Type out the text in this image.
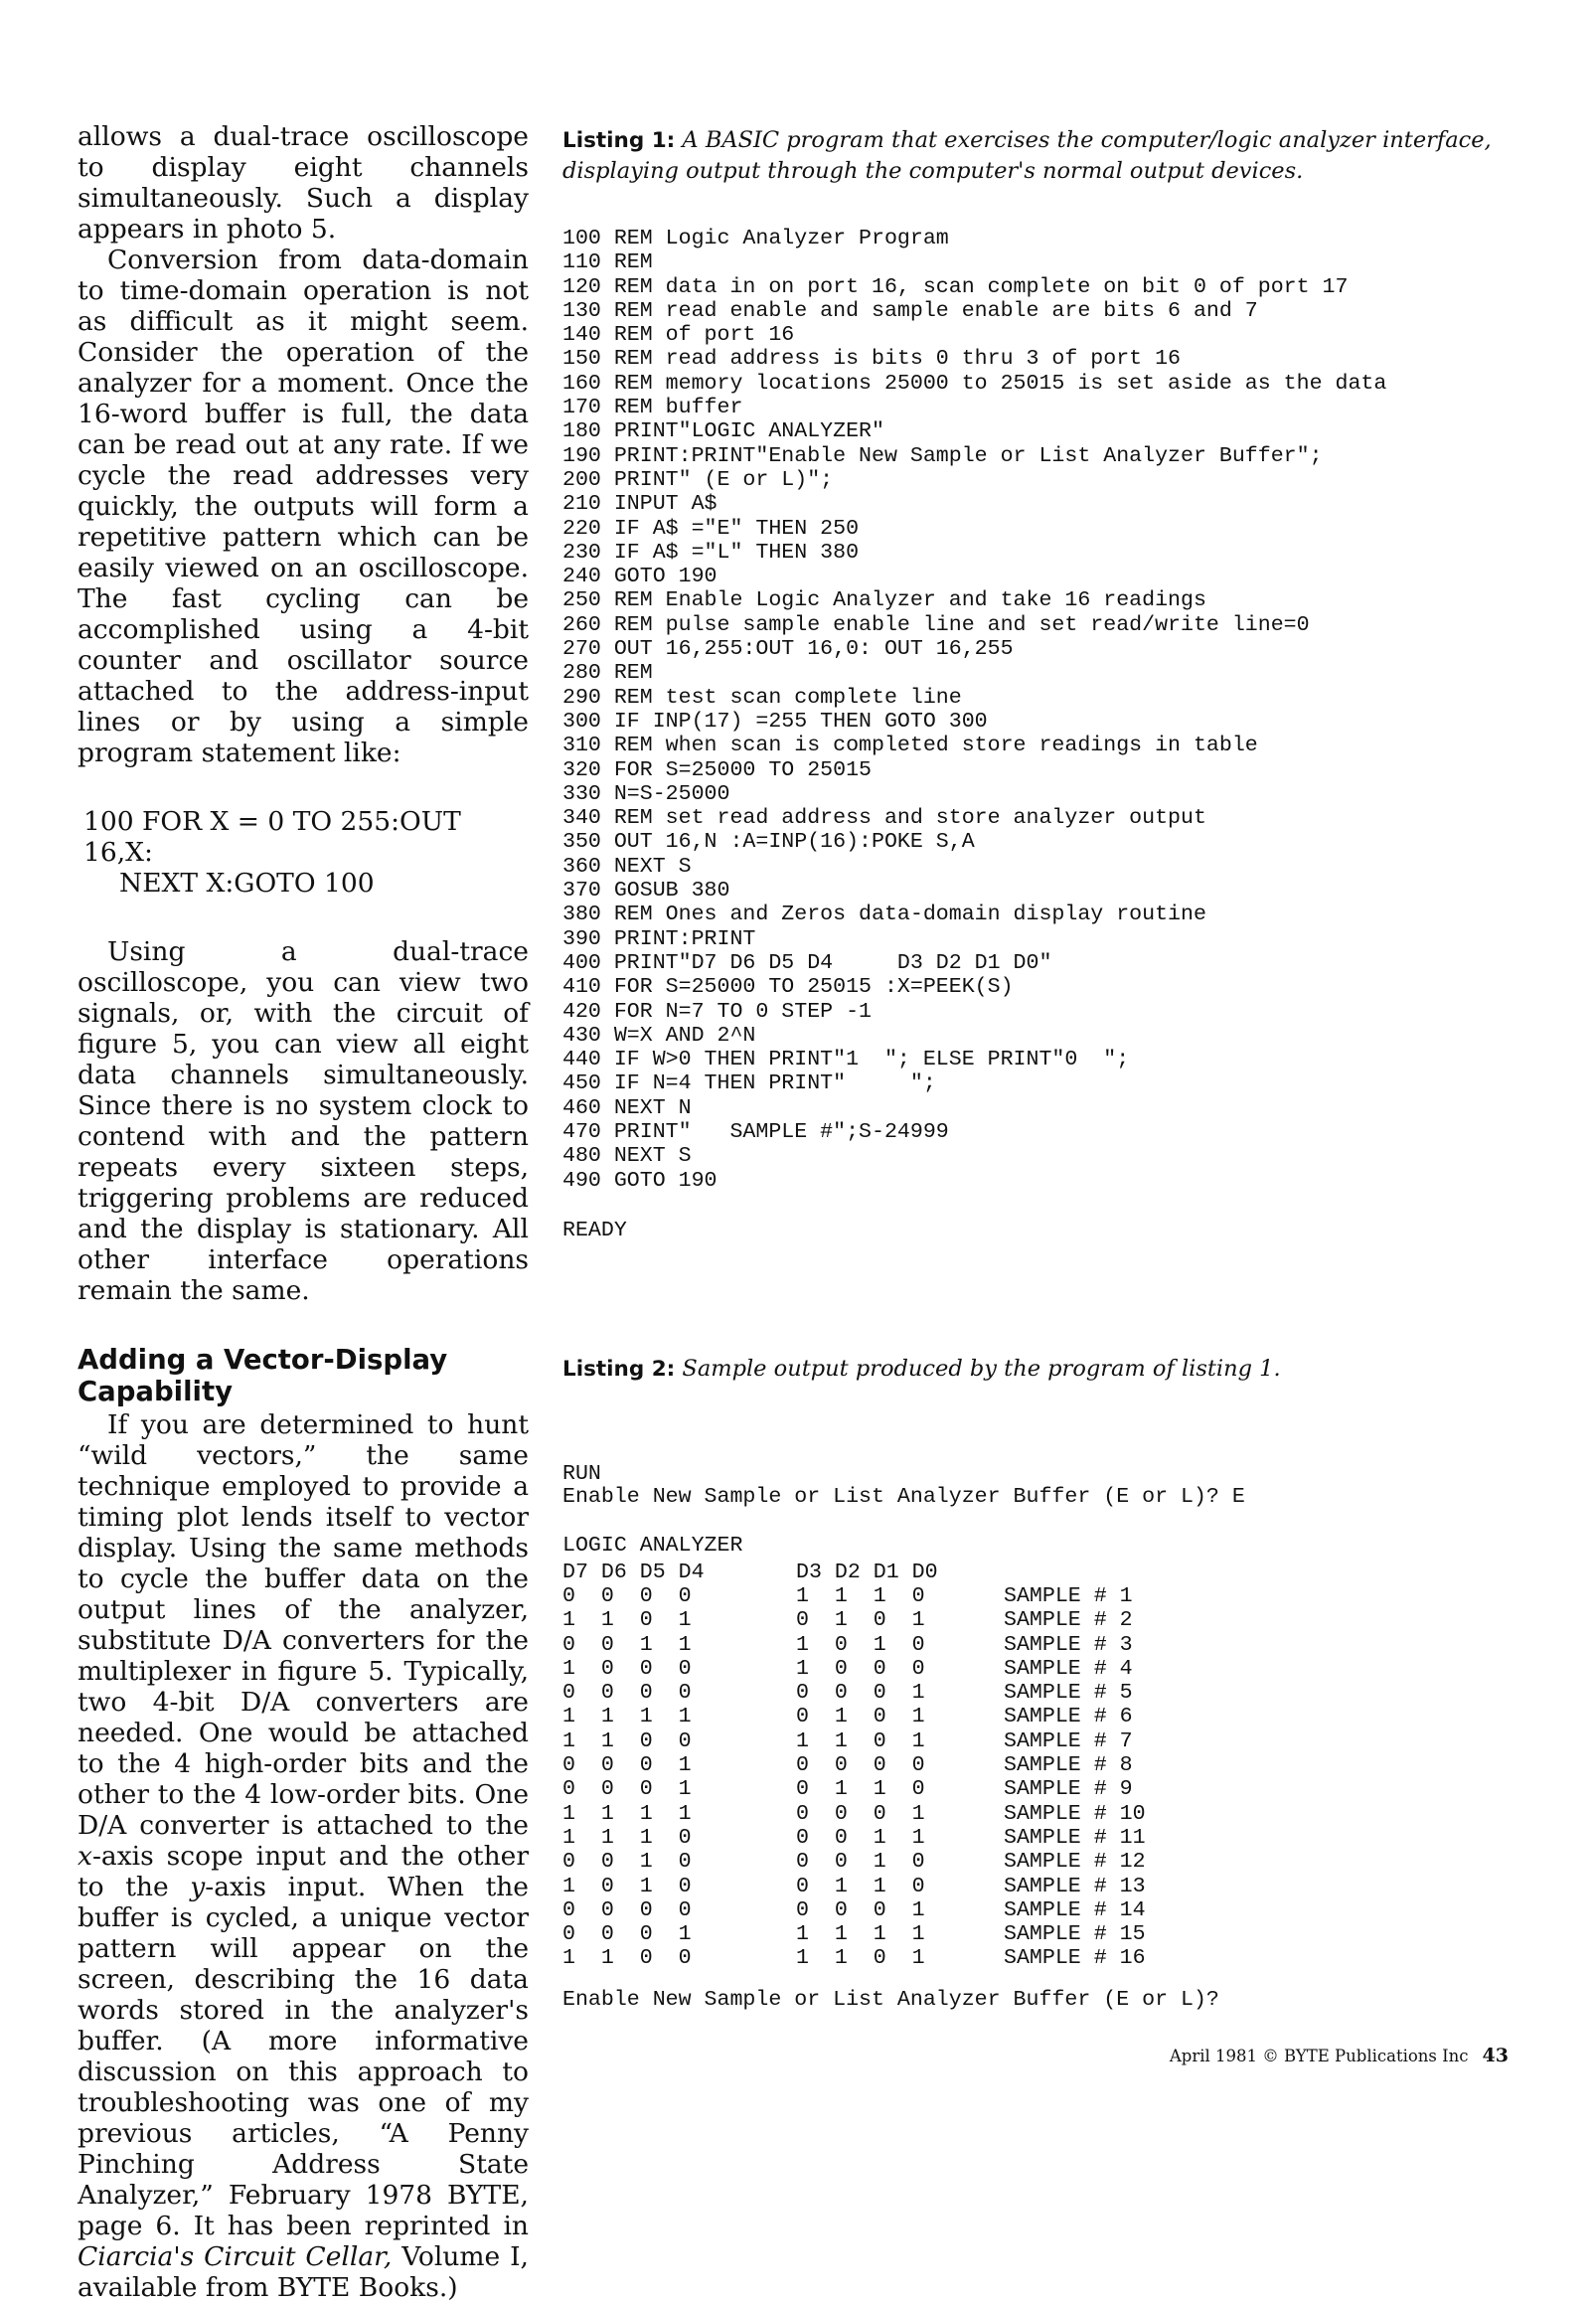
allows a dual-trace oscilloscope to display eight channels simultaneously. Such a display appears in photo 5.

Conversion from data-domain to time-domain operation is not as difficult as it might seem. Consider the operation of the analyzer for a moment. Once the 16-word buffer is full, the data can be read out at any rate. If we cycle the read addresses very quickly, the outputs will form a repetitive pattern which can be easily viewed on an oscilloscope. The fast cycling can be accomplished using a 4-bit counter and oscillator source attached to the address-input lines or by using a simple program statement like:

100 FOR X = 0 TO 255:OUT 16,X:
NEXT X:GOTO 100

Using a dual-trace oscilloscope, you can view two signals, or, with the circuit of figure 5, you can view all eight data channels simultaneously. Since there is no system clock to contend with and the pattern repeats every sixteen steps, triggering problems are reduced and the display is stationary. All other interface operations remain the same.

Adding a Vector-Display
Capability

If you are determined to hunt “wild vectors,” the same technique employed to provide a timing plot lends itself to vector display. Using the same methods to cycle the buffer data on the output lines of the analyzer, substitute D/A converters for the multiplexer in figure 5. Typically, two 4-bit D/A converters are needed. One would be attached to the 4 high-order bits and the other to the 4 low-order bits. One D/A converter is attached to the x-axis scope input and the other to the y-axis input. When the buffer is cycled, a unique vector pattern will appear on the screen, describing the 16 data words stored in the analyzer's buffer. (A more informative discussion on this approach to troubleshooting was one of my previous articles, “A Penny Pinching Address State Analyzer,” February 1978 BYTE, page 6. It has been reprinted in Ciarcia's Circuit Cellar, Volume I, available from BYTE Books.)

Listing 1: A BASIC program that exercises the computer/logic analyzer interface, displaying output through the computer's normal output devices.

100 REM Logic Analyzer Program
110 REM
120 REM data in on port 16, scan complete on bit 0 of port 17
130 REM read enable and sample enable are bits 6 and 7
140 REM of port 16
150 REM read address is bits 0 thru 3 of port 16
160 REM memory locations 25000 to 25015 is set aside as the data
170 REM buffer
180 PRINT"LOGIC ANALYZER"
190 PRINT:PRINT"Enable New Sample or List Analyzer Buffer";
200 PRINT" (E or L)";
210 INPUT A$
220 IF A$ ="E" THEN 250
230 IF A$ ="L" THEN 380
240 GOTO 190
250 REM Enable Logic Analyzer and take 16 readings
260 REM pulse sample enable line and set read/write line=0
270 OUT 16,255:OUT 16,0: OUT 16,255
280 REM
290 REM test scan complete line
300 IF INP(17) =255 THEN GOTO 300
310 REM when scan is completed store readings in table
320 FOR S=25000 TO 25015
330 N=S-25000
340 REM set read address and store analyzer output
350 OUT 16,N :A=INP(16):POKE S,A
360 NEXT S
370 GOSUB 380
380 REM Ones and Zeros data-domain display routine
390 PRINT:PRINT
400 PRINT"D7 D6 D5 D4     D3 D2 D1 D0"
410 FOR S=25000 TO 25015 :X=PEEK(S)
420 FOR N=7 TO 0 STEP -1
430 W=X AND 2^N
440 IF W>0 THEN PRINT"1  "; ELSE PRINT"0  ";
450 IF N=4 THEN PRINT"     ";
460 NEXT N
470 PRINT"   SAMPLE #";S-24999
480 NEXT S
490 GOTO 190
READY

Listing 2: Sample output produced by the program of listing 1.

RUN

LOGIC ANALYZER

Enable New Sample or List Analyzer Buffer (E or L)? E
D7 D6 D5 D4	D3 D2 D1 D0
0  0  0  0	1  1  1  0	SAMPLE # 1
1  1  0  1	0  1  0  1	SAMPLE # 2
0  0  1  1	1  0  1  0	SAMPLE # 3
1  0  0  0	1  0  0  0	SAMPLE # 4
0  0  0  0	0  0  0  1	SAMPLE # 5
1  1  1  1	0  1  0  1	SAMPLE # 6
1  1  0  0	1  1  0  1	SAMPLE # 7
0  0  0  1	0  0  0  0	SAMPLE # 8
0  0  0  1	0  1  1  0	SAMPLE # 9
1  1  1  1	0  0  0  1	SAMPLE # 10
1  1  1  0	0  0  1  1	SAMPLE # 11
0  0  1  0	0  0  1  0	SAMPLE # 12
1  0  1  0	0  1  1  0	SAMPLE # 13
0  0  0  0	0  0  0  1	SAMPLE # 14
0  0  0  1	1  1  1  1	SAMPLE # 15
1  1  0  0	1  1  0  1	SAMPLE # 16
Enable New Sample or List Analyzer Buffer (E or L)?
April 1981 © BYTE Publications Inc 43
